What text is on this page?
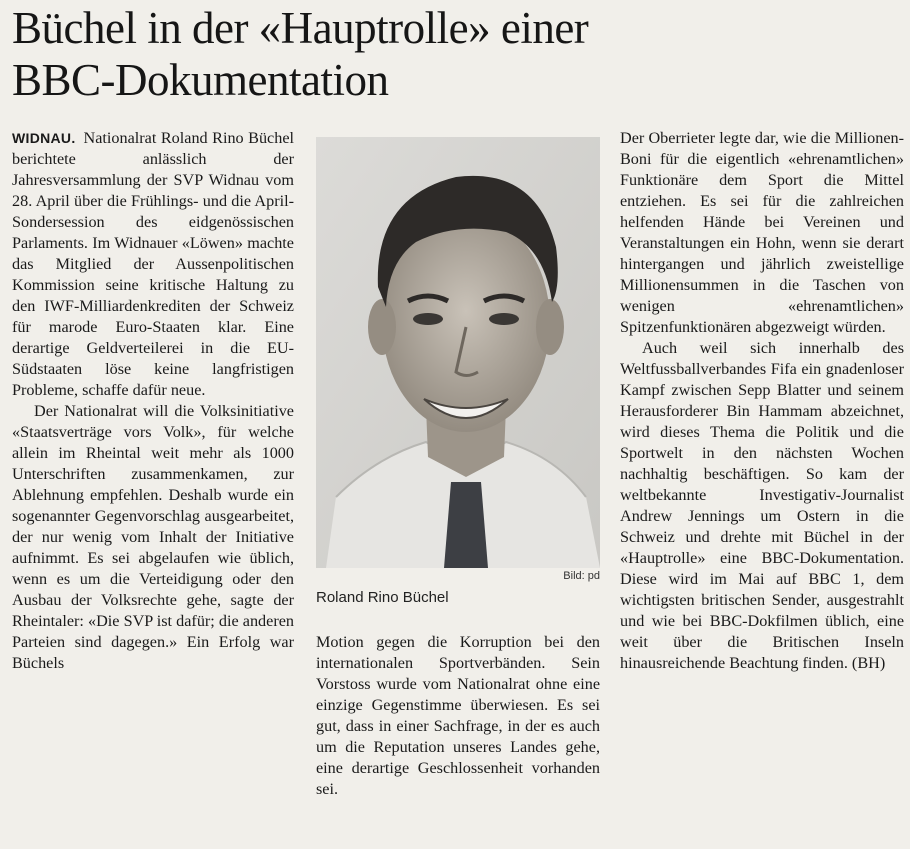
Büchel in der «Hauptrolle» einer
BBC-Dokumentation

WIDNAU. Nationalrat Roland Rino Büchel berichtete anlässlich der Jahresversammlung der SVP Widnau vom 28. April über die Frühlings- und die April-Sondersession des eidgenössischen Parlaments. Im Widnauer «Löwen» machte das Mitglied der Aussenpolitischen Kommission seine kritische Haltung zu den IWF-Milliardenkrediten der Schweiz für marode Euro-Staaten klar. Eine derartige Geldverteilerei in die EU-Südstaaten löse keine langfristigen Probleme, schaffe dafür neue.

Der Nationalrat will die Volksinitiative «Staatsverträge vors Volk», für welche allein im Rheintal weit mehr als 1000 Unterschriften zusammenkamen, zur Ablehnung empfehlen. Deshalb wurde ein sogenannter Gegenvorschlag ausgearbeitet, der nur wenig vom Inhalt der Initiative aufnimmt. Es sei abgelaufen wie üblich, wenn es um die Verteidigung oder den Ausbau der Volksrechte gehe, sagte der Rheintaler: «Die SVP ist dafür; die anderen Parteien sind dagegen.» Ein Erfolg war Büchels

Bild: pd
Roland Rino Büchel

Motion gegen die Korruption bei den internationalen Sportverbänden. Sein Vorstoss wurde vom Nationalrat ohne eine einzige Gegenstimme überwiesen. Es sei gut, dass in einer Sachfrage, in der es auch um die Reputation unseres Landes gehe, eine derartige Geschlossenheit vorhanden sei.

Der Oberrieter legte dar, wie die Millionen-Boni für die eigentlich «ehrenamtlichen» Funktionäre dem Sport die Mittel entziehen. Es sei für die zahlreichen helfenden Hände bei Vereinen und Veranstaltungen ein Hohn, wenn sie derart hintergangen und jährlich zweistellige Millionensummen in die Taschen von wenigen «ehrenamtlichen» Spitzenfunktionären abgezweigt würden.

Auch weil sich innerhalb des Weltfussballverbandes Fifa ein gnadenloser Kampf zwischen Sepp Blatter und seinem Herausforderer Bin Hammam abzeichnet, wird dieses Thema die Politik und die Sportwelt in den nächsten Wochen nachhaltig beschäftigen. So kam der weltbekannte Investigativ-Journalist Andrew Jennings um Ostern in die Schweiz und drehte mit Büchel in der «Hauptrolle» eine BBC-Dokumentation. Diese wird im Mai auf BBC 1, dem wichtigsten britischen Sender, ausgestrahlt und wie bei BBC-Dokfilmen üblich, eine weit über die Britischen Inseln hinausreichende Beachtung finden. (BH)
